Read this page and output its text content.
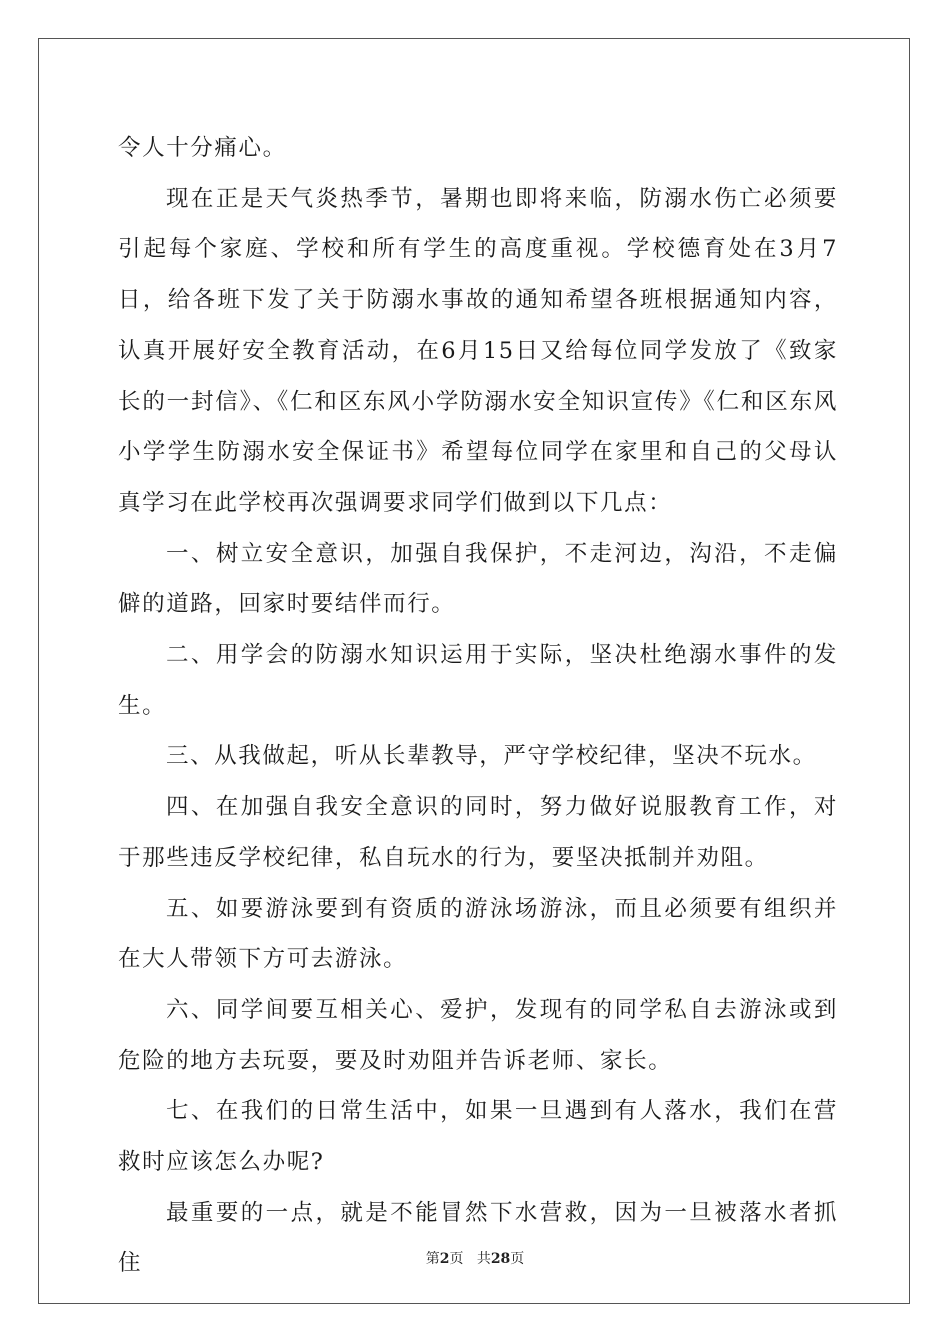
令人十分痛心。

现在正是天气炎热季节，暑期也即将来临，防溺水伤亡必须要引起每个家庭、学校和所有学生的高度重视。学校德育处在3月7日，给各班下发了关于防溺水事故的通知希望各班根据通知内容，认真开展好安全教育活动，在6月15日又给每位同学发放了《致家长的一封信》、《仁和区东风小学防溺水安全知识宣传》《仁和区东风小学学生防溺水安全保证书》希望每位同学在家里和自己的父母认真学习在此学校再次强调要求同学们做到以下几点：

一、树立安全意识，加强自我保护，不走河边，沟沿，不走偏僻的道路，回家时要结伴而行。

二、用学会的防溺水知识运用于实际，坚决杜绝溺水事件的发生。

三、从我做起，听从长辈教导，严守学校纪律，坚决不玩水。

四、在加强自我安全意识的同时，努力做好说服教育工作，对于那些违反学校纪律，私自玩水的行为，要坚决抵制并劝阻。

五、如要游泳要到有资质的游泳场游泳，而且必须要有组织并在大人带领下方可去游泳。

六、同学间要互相关心、爱护，发现有的同学私自去游泳或到危险的地方去玩耍，要及时劝阻并告诉老师、家长。

七、在我们的日常生活中，如果一旦遇到有人落水，我们在营救时应该怎么办呢?

最重要的一点，就是不能冒然下水营救，因为一旦被落水者抓住	第2页 共28页
